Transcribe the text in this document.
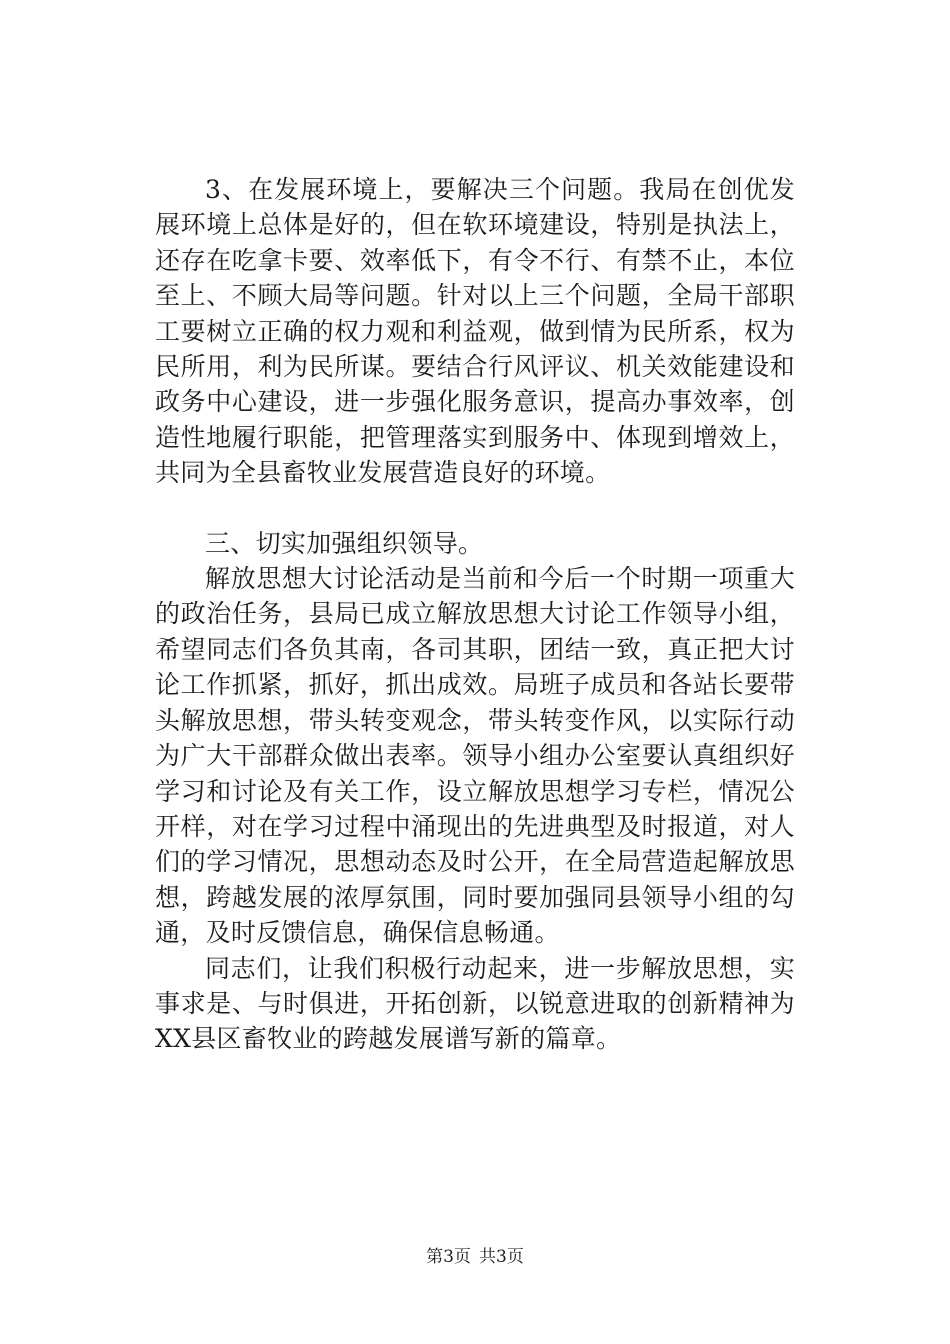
3、在发展环境上，要解决三个问题。我局在创优发展环境上总体是好的，但在软环境建设，特别是执法上，还存在吃拿卡要、效率低下，有令不行、有禁不止，本位至上、不顾大局等问题。针对以上三个问题，全局干部职工要树立正确的权力观和利益观，做到情为民所系，权为民所用，利为民所谋。要结合行风评议、机关效能建设和政务中心建设，进一步强化服务意识，提高办事效率，创造性地履行职能，把管理落实到服务中、体现到增效上，共同为全县畜牧业发展营造良好的环境。

三、切实加强组织领导。

解放思想大讨论活动是当前和今后一个时期一项重大的政治任务，县局已成立解放思想大讨论工作领导小组，希望同志们各负其南，各司其职，团结一致，真正把大讨论工作抓紧，抓好，抓出成效。局班子成员和各站长要带头解放思想，带头转变观念，带头转变作风，以实际行动为广大干部群众做出表率。领导小组办公室要认真组织好学习和讨论及有关工作，设立解放思想学习专栏，情况公开样，对在学习过程中涌现出的先进典型及时报道，对人们的学习情况，思想动态及时公开，在全局营造起解放思想，跨越发展的浓厚氛围，同时要加强同县领导小组的勾通，及时反馈信息，确保信息畅通。

同志们，让我们积极行动起来，进一步解放思想，实事求是、与时俱进，开拓创新，以锐意进取的创新精神为XX县区畜牧业的跨越发展谱写新的篇章。

第3页 共3页
